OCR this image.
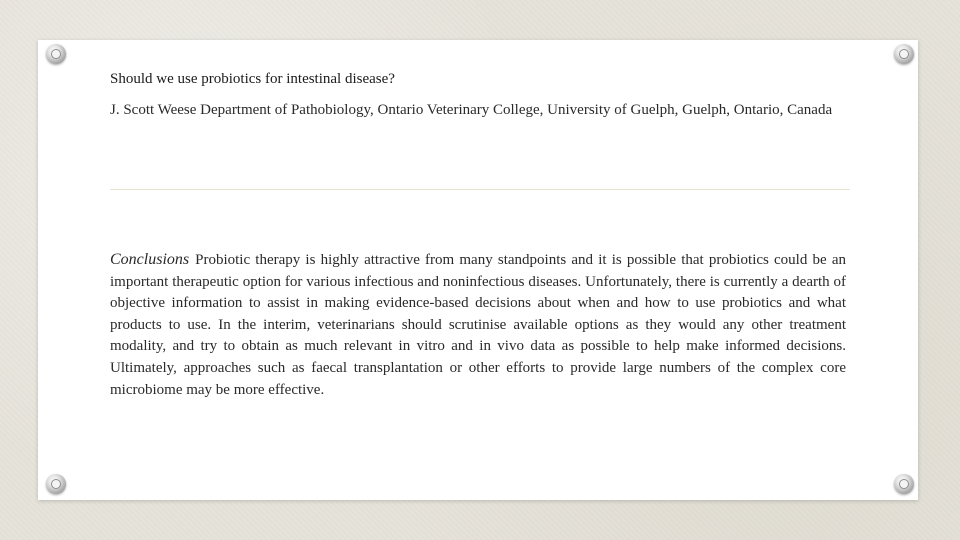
Should we use probiotics for intestinal disease?
J. Scott Weese Department of Pathobiology, Ontario Veterinary College, University of Guelph, Guelph, Ontario, Canada
Conclusions Probiotic therapy is highly attractive from many standpoints and it is possible that probiotics could be an important therapeutic option for various infectious and noninfectious diseases. Unfortunately, there is currently a dearth of objective information to assist in making evidence-based decisions about when and how to use probiotics and what products to use. In the interim, veterinarians should scrutinise available options as they would any other treatment modality, and try to obtain as much relevant in vitro and in vivo data as possible to help make informed decisions. Ultimately, approaches such as faecal transplantation or other efforts to provide large numbers of the complex core microbiome may be more effective.
